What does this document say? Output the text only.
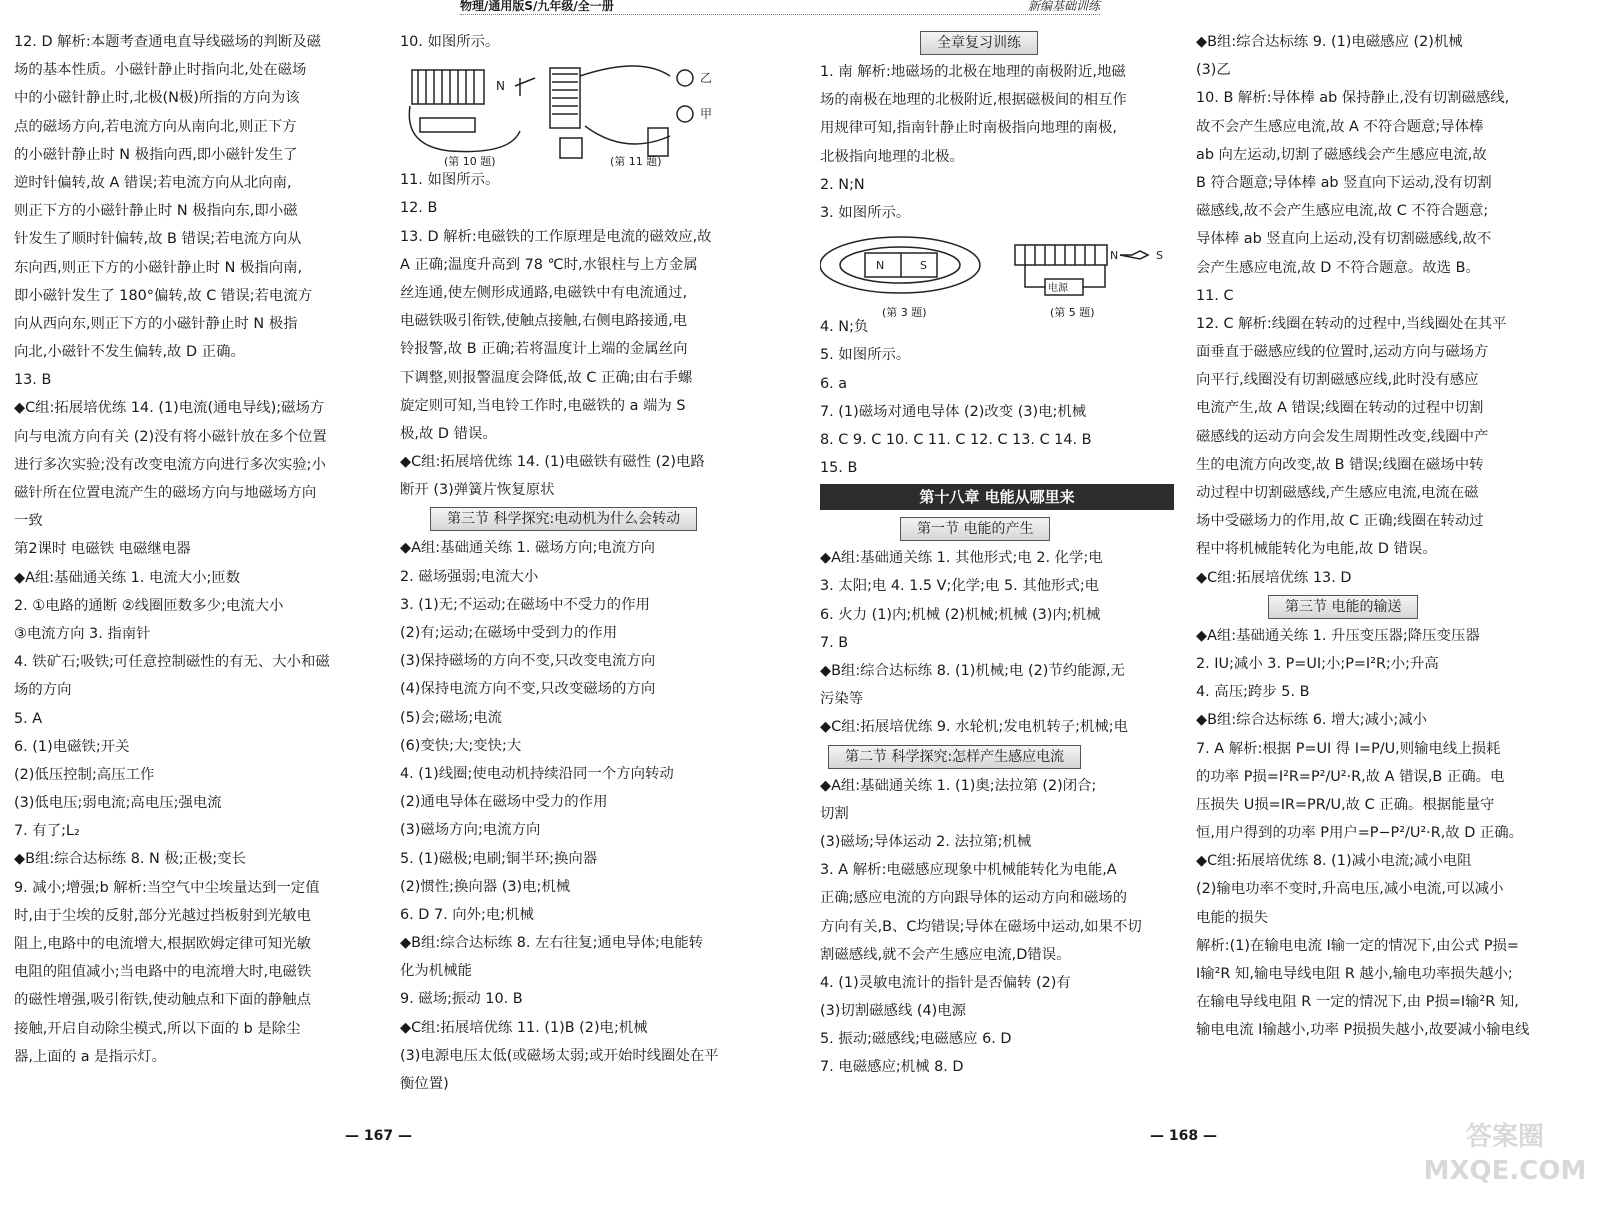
物理/通用版S/九年级/全一册	新编基础训练
12. D 解析:本题考查通电直导线磁场的判断及磁
场的基本性质。小磁针静止时指向北,处在磁场
中的小磁针静止时,北极(N极)所指的方向为该
点的磁场方向,若电流方向从南向北,则正下方
的小磁针静止时 N 极指向西,即小磁针发生了
逆时针偏转,故 A 错误;若电流方向从北向南,
则正下方的小磁针静止时 N 极指向东,即小磁
针发生了顺时针偏转,故 B 错误;若电流方向从
东向西,则正下方的小磁针静止时 N 极指向南,
即小磁针发生了 180°偏转,故 C 错误;若电流方
向从西向东,则正下方的小磁针静止时 N 极指
向北,小磁针不发生偏转,故 D 正确。
13. B
◆C组:拓展培优练 14. (1)电流(通电导线);磁场方
向与电流方向有关 (2)没有将小磁针放在多个位置
进行多次实验;没有改变电流方向进行多次实验;小
磁针所在位置电流产生的磁场方向与地磁场方向
一致
第2课时 电磁铁 电磁继电器
◆A组:基础通关练 1. 电流大小;匝数
2. ①电路的通断 ②线圈匝数多少;电流大小
③电流方向 3. 指南针
4. 铁矿石;吸铁;可任意控制磁性的有无、大小和磁
场的方向
5. A
6. (1)电磁铁;开关
(2)低压控制;高压工作
(3)低电压;弱电流;高电压;强电流
7. 有了;L₂
◆B组:综合达标练 8. N 极;正极;变长
9. 减小;增强;b 解析:当空气中尘埃量达到一定值
时,由于尘埃的反射,部分光越过挡板射到光敏电
阻上,电路中的电流增大,根据欧姆定律可知光敏
电阻的阻值减小;当电路中的电流增大时,电磁铁
的磁性增强,吸引衔铁,使动触点和下面的静触点
接触,开启自动除尘模式,所以下面的 b 是除尘
器,上面的 a 是指示灯。
10. 如图所示。
N
乙
甲
(第 10 题)	(第 11 题)
11. 如图所示。
12. B
13. D 解析:电磁铁的工作原理是电流的磁效应,故
A 正确;温度升高到 78 ℃时,水银柱与上方金属
丝连通,使左侧形成通路,电磁铁中有电流通过,
电磁铁吸引衔铁,使触点接触,右侧电路接通,电
铃报警,故 B 正确;若将温度计上端的金属丝向
下调整,则报警温度会降低,故 C 正确;由右手螺
旋定则可知,当电铃工作时,电磁铁的 a 端为 S
极,故 D 错误。
◆C组:拓展培优练 14. (1)电磁铁有磁性 (2)电路
断开 (3)弹簧片恢复原状
第三节 科学探究:电动机为什么会转动
◆A组:基础通关练 1. 磁场方向;电流方向
2. 磁场强弱;电流大小
3. (1)无;不运动;在磁场中不受力的作用
(2)有;运动;在磁场中受到力的作用
(3)保持磁场的方向不变,只改变电流方向
(4)保持电流方向不变,只改变磁场的方向
(5)会;磁场;电流
(6)变快;大;变快;大
4. (1)线圈;使电动机持续沿同一个方向转动
(2)通电导体在磁场中受力的作用
(3)磁场方向;电流方向
5. (1)磁极;电刷;铜半环;换向器
(2)惯性;换向器 (3)电;机械
6. D 7. 向外;电;机械
◆B组:综合达标练 8. 左右往复;通电导体;电能转
化为机械能
9. 磁场;振动 10. B
◆C组:拓展培优练 11. (1)B (2)电;机械
(3)电源电压太低(或磁场太弱;或开始时线圈处在平
衡位置)
全章复习训练
1. 南 解析:地磁场的北极在地理的南极附近,地磁
场的南极在地理的北极附近,根据磁极间的相互作
用规律可知,指南针静止时南极指向地理的南极,
北极指向地理的北极。
2. N;N
3. 如图所示。
N	S
电源
N	S
(第 3 题)	(第 5 题)
4. N;负
5. 如图所示。
6. a
7. (1)磁场对通电导体 (2)改变 (3)电;机械
8. C 9. C 10. C 11. C 12. C 13. C 14. B
15. B
第十八章 电能从哪里来
第一节 电能的产生
◆A组:基础通关练 1. 其他形式;电 2. 化学;电
3. 太阳;电 4. 1.5 V;化学;电 5. 其他形式;电
6. 火力 (1)内;机械 (2)机械;机械 (3)内;机械
7. B
◆B组:综合达标练 8. (1)机械;电 (2)节约能源,无
污染等
◆C组:拓展培优练 9. 水轮机;发电机转子;机械;电
第二节 科学探究:怎样产生感应电流
◆A组:基础通关练 1. (1)奥;法拉第 (2)闭合;
切割
(3)磁场;导体运动 2. 法拉第;机械
3. A 解析:电磁感应现象中机械能转化为电能,A
正确;感应电流的方向跟导体的运动方向和磁场的
方向有关,B、C均错误;导体在磁场中运动,如果不切
割磁感线,就不会产生感应电流,D错误。
4. (1)灵敏电流计的指针是否偏转 (2)有
(3)切割磁感线 (4)电源
5. 振动;磁感线;电磁感应 6. D
7. 电磁感应;机械 8. D
◆B组:综合达标练 9. (1)电磁感应 (2)机械
(3)乙
10. B 解析:导体棒 ab 保持静止,没有切割磁感线,
故不会产生感应电流,故 A 不符合题意;导体棒
ab 向左运动,切割了磁感线会产生感应电流,故
B 符合题意;导体棒 ab 竖直向下运动,没有切割
磁感线,故不会产生感应电流,故 C 不符合题意;
导体棒 ab 竖直向上运动,没有切割磁感线,故不
会产生感应电流,故 D 不符合题意。故选 B。
11. C
12. C 解析:线圈在转动的过程中,当线圈处在其平
面垂直于磁感应线的位置时,运动方向与磁场方
向平行,线圈没有切割磁感应线,此时没有感应
电流产生,故 A 错误;线圈在转动的过程中切割
磁感线的运动方向会发生周期性改变,线圈中产
生的电流方向改变,故 B 错误;线圈在磁场中转
动过程中切割磁感线,产生感应电流,电流在磁
场中受磁场力的作用,故 C 正确;线圈在转动过
程中将机械能转化为电能,故 D 错误。
◆C组:拓展培优练 13. D
第三节 电能的输送
◆A组:基础通关练 1. 升压变压器;降压变压器
2. IU;减小 3. P=UI;小;P=I²R;小;升高
4. 高压;跨步 5. B
◆B组:综合达标练 6. 增大;减小;减小
7. A 解析:根据 P=UI 得 I=P/U,则输电线上损耗
的功率 P损=I²R=P²/U²·R,故 A 错误,B 正确。电
压损失 U损=IR=PR/U,故 C 正确。根据能量守
恒,用户得到的功率 P用户=P−P²/U²·R,故 D 正确。
◆C组:拓展培优练 8. (1)减小电流;减小电阻
(2)输电功率不变时,升高电压,减小电流,可以减小
电能的损失
解析:(1)在输电电流 I输一定的情况下,由公式 P损=
I输²R 知,输电导线电阻 R 越小,输电功率损失越小;
在输电导线电阻 R 一定的情况下,由 P损=I输²R 知,
输电电流 I输越小,功率 P损损失越小,故要减小输电线
— 167 —	— 168 —	答案圈 MXQE.COM
